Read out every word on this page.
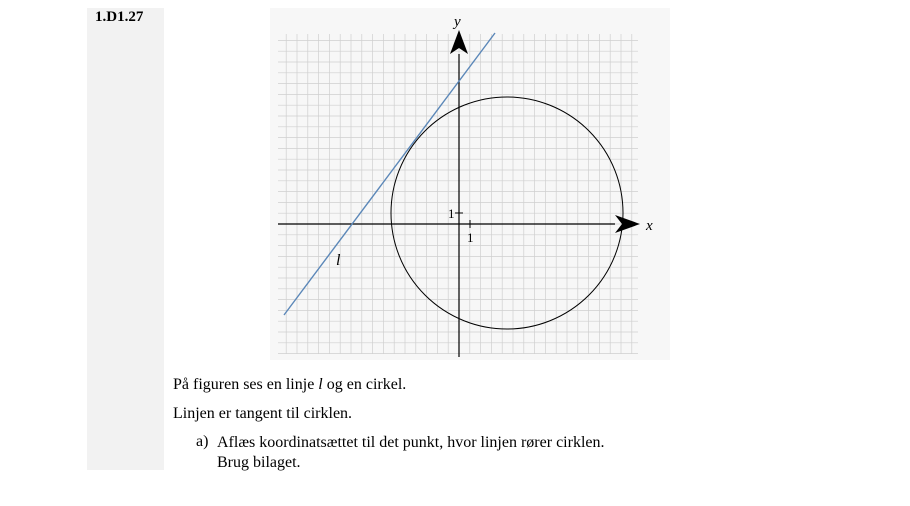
1.D1.27
x
y
1
1
l
På figuren ses en linje l og en cirkel.
Linjen er tangent til cirklen.
a) Aflæs koordinatsættet til det punkt, hvor linjen rører cirklen.
Brug bilaget.
